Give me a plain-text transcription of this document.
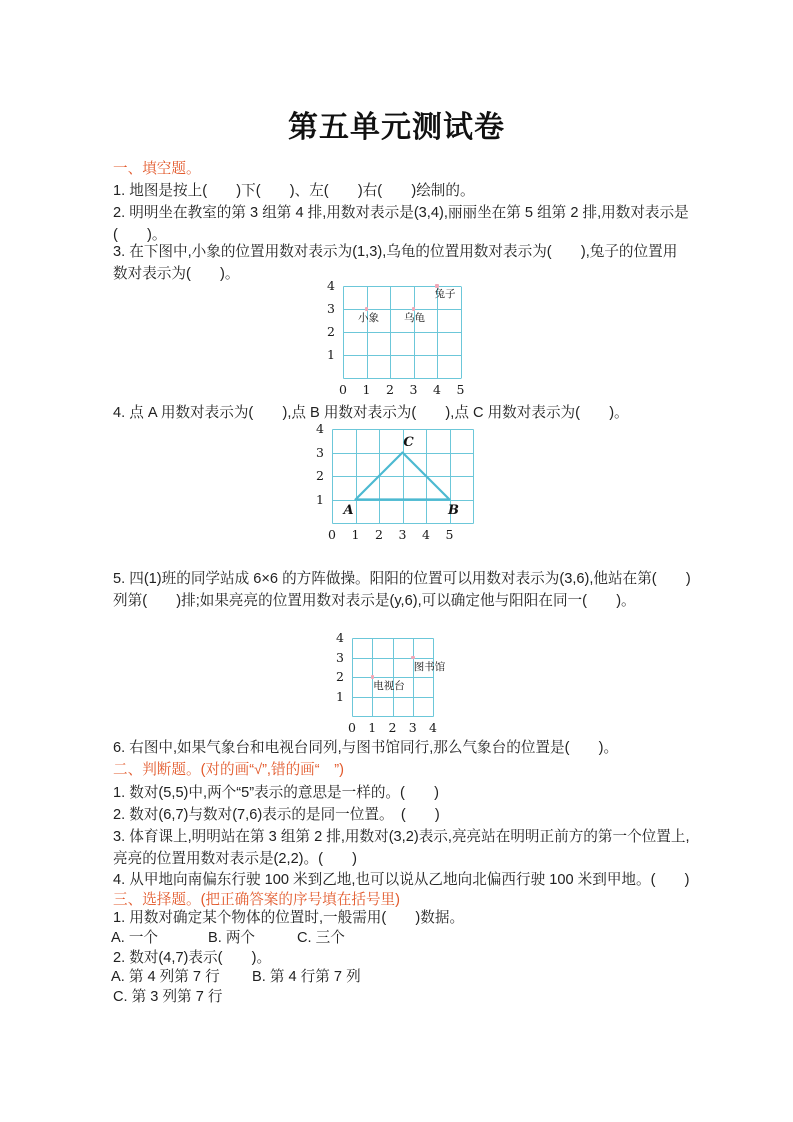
第五单元测试卷
一、填空题。
1. 地图是按上(　　)下(　　)、左(　　)右(　　)绘制的。
2. 明明坐在教室的第 3 组第 4 排,用数对表示是(3,4),丽丽坐在第 5 组第 2 排,用数对表示是
(　　)。
3. 在下图中,小象的位置用数对表示为(1,3),乌龟的位置用数对表示为(　　),兔子的位置用
数对表示为(　　)。
4. 点 A 用数对表示为(　　),点 B 用数对表示为(　　),点 C 用数对表示为(　　)。
5. 四(1)班的同学站成 6×6 的方阵做操。阳阳的位置可以用数对表示为(3,6),他站在第(　　)
列第(　　)排;如果亮亮的位置用数对表示是(y,6),可以确定他与阳阳在同一(　　)。
6. 右图中,如果气象台和电视台同列,与图书馆同行,那么气象台的位置是(　　)。
二、判断题。(对的画“√”,错的画“　”)
1. 数对(5,5)中,两个“5”表示的意思是一样的。(　　)
2. 数对(6,7)与数对(7,6)表示的是同一位置。　(　　)
3. 体育课上,明明站在第 3 组第 2 排,用数对(3,2)表示,亮亮站在明明正前方的第一个位置上,
亮亮的位置用数对表示是(2,2)。(　　)
4. 从甲地向南偏东行驶 100 米到乙地,也可以说从乙地向北偏西行驶 100 米到甲地。(　　)
三、选择题。(把正确答案的序号填在括号里)
1. 用数对确定某个物体的位置时,一般需用(　　)数据。
A. 一个	B. 两个	C. 三个
2. 数对(4,7)表示(　　)。
A. 第 4 列第 7 行 B. 第 4 行第 7 列
C. 第 3 列第 7 行
0 1 2 3 4 5
4
3
2
1
小象 乌龟
兔子
0 1 2 3 4 5
4
3
2
1
A	B
C
0 1 2 3 4
4
3
2
1
电视台
图书馆
